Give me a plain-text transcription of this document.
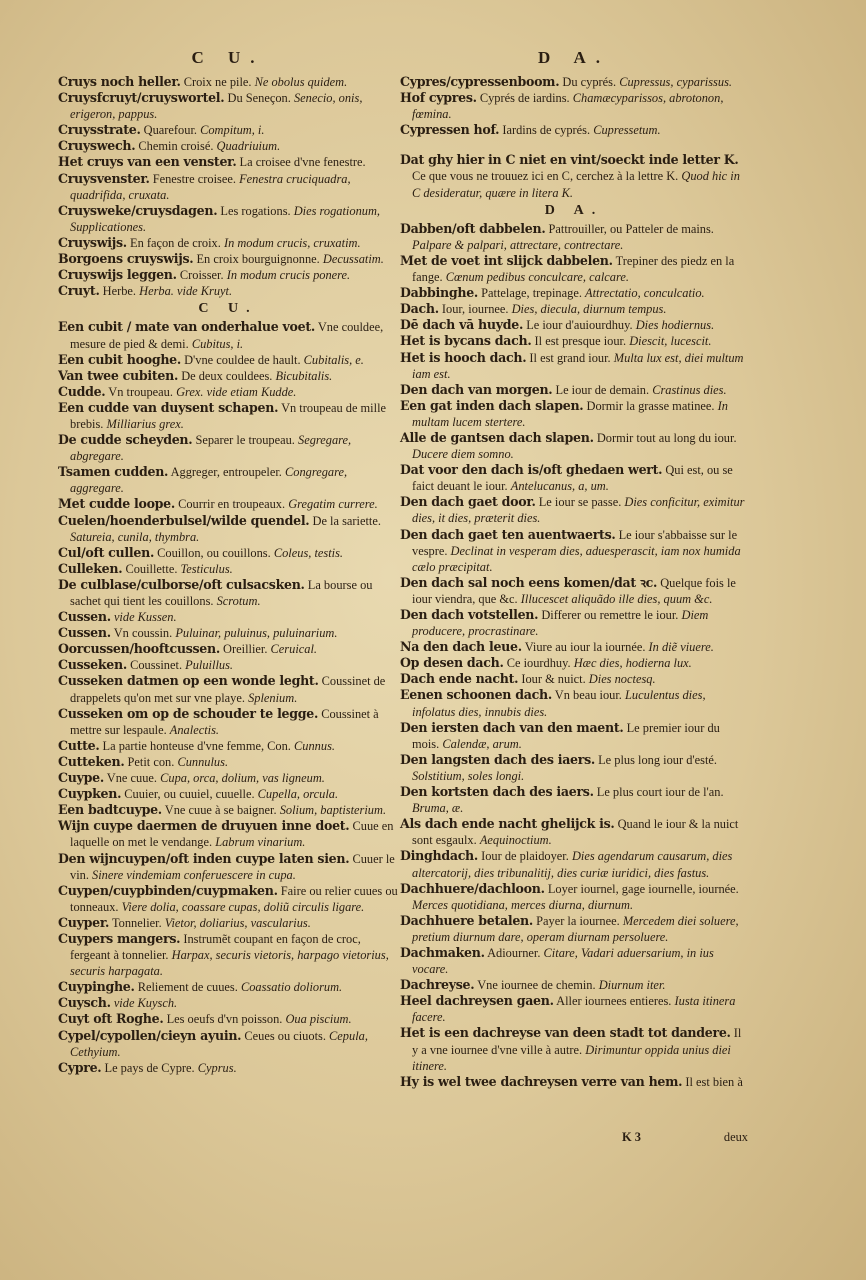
C U.

Cruys noch heller. Croix ne pile. Ne obolus quidem.

Cruysfcruyt/cruyswortel. Du Seneçon. Senecio, onis, erigeron, pappus.

Cruysstrate. Quarefour. Compitum, i.

Cruyswech. Chemin croisé. Quadriuium.

Het cruys van een venster. La croisee d'vne fenestre.

Cruysvenster. Fenestre croisee. Fenestra cruciquadra, quadrifida, cruxata.

Cruysweke/cruysdagen. Les rogations. Dies rogationum, Supplicationes.

Cruyswijs. En façon de croix. In modum crucis, cruxatim.

Borgoens cruyswijs. En croix bourguignonne. Decussatim.

Cruyswijs leggen. Croisser. In modum crucis ponere.

Cruyt. Herbe. Herba. vide Kruyt.

C U.

Een cubit / mate van onderhalue voet. Vne couldee, mesure de pied & demi. Cubitus, i.

Een cubit hooghe. D'vne couldee de hault. Cubitalis, e.

Van twee cubiten. De deux couldees. Bicubitalis.

Cudde. Vn troupeau. Grex. vide etiam Kudde.

Een cudde van duysent schapen. Vn troupeau de mille brebis. Milliarius grex.

De cudde scheyden. Separer le troupeau. Segregare, abgregare.

Tsamen cudden. Aggreger, entroupeler. Congregare, aggregare.

Met cudde loope. Courrir en troupeaux. Gregatim currere.

Cuelen/hoenderbulsel/wilde quendel. De la sariette. Satureia, cunila, thymbra.

Cul/oft cullen. Couillon, ou couillons. Coleus, testis.

Culleken. Couillette. Testiculus.

De culblase/culborse/oft culsacsken. La bourse ou sachet qui tient les couillons. Scrotum.

Cussen. vide Kussen.

Cussen. Vn coussin. Puluinar, puluinus, puluinarium.

Oorcussen/hooftcussen. Oreillier. Ceruical.

Cusseken. Coussinet. Puluillus.

Cusseken datmen op een wonde leght. Coussinet de drappelets qu'on met sur vne playe. Splenium.

Cusseken om op de schouder te legge. Coussinet à mettre sur lespaule. Analectis.

Cutte. La partie honteuse d'vne femme, Con. Cunnus.

Cutteken. Petit con. Cunnulus.

Cuype. Vne cuue. Cupa, orca, dolium, vas ligneum.

Cuypken. Cuuier, ou cuuiel, cuuelle. Cupella, orcula.

Een badtcuype. Vne cuue à se baigner. Solium, baptisterium.

Wijn cuype daermen de druyuen inne doet. Cuue en laquelle on met le vendange. Labrum vinarium.

Den wijncuypen/oft inden cuype laten sien. Cuuer le vin. Sinere vindemiam conferuescere in cupa.

Cuypen/cuypbinden/cuypmaken. Faire ou relier cuues ou tonneaux. Viere dolia, coassare cupas, doliũ circulis ligare.

Cuyper. Tonnelier. Vietor, doliarius, vascularius.

Cuypers mangers. Instrumẽt coupant en façon de croc, fergeant à tonnelier. Harpax, securis vietoris, harpago vietorius, securis harpagata.

Cuypinghe. Reliement de cuues. Coassatio doliorum.

Cuysch. vide Kuysch.

Cuyt oft Roghe. Les oeufs d'vn poisson. Oua piscium.

Cypel/cypollen/cieyn ayuin. Ceues ou ciuots. Cepula, Cethyium.

Cypre. Le pays de Cypre. Cyprus.

D A.

Cypres/cypressenboom. Du cyprés. Cupressus, cyparissus.

Hof cypres. Cyprés de iardins. Chamæcyparissos, abrotonon, fœmina.

Cypressen hof. Iardins de cyprés. Cupressetum.

Dat ghy hier in C niet en vint/soeckt inde letter K. Ce que vous ne trouuez ici en C, cerchez à la lettre K. Quod hic in C desideratur, quære in litera K.

D A.

Dabben/oft dabbelen. Pattrouiller, ou Patteler de mains. Palpare & palpari, attrectare, contrectare.

Met de voet int slijck dabbelen. Trepiner des piedz en la fange. Cœnum pedibus conculcare, calcare.

Dabbinghe. Pattelage, trepinage. Attrectatio, conculcatio.

Dach. Iour, iournee. Dies, diecula, diurnum tempus.

Dē dach vā huyde. Le iour d'auiourdhuy. Dies hodiernus.

Het is bycans dach. Il est presque iour. Diescit, lucescit.

Het is hooch dach. Il est grand iour. Multa lux est, diei multum iam est.

Den dach van morgen. Le iour de demain. Crastinus dies.

Een gat inden dach slapen. Dormir la grasse matinee. In multam lucem stertere.

Alle de gantsen dach slapen. Dormir tout au long du iour. Ducere diem somno.

Dat voor den dach is/oft ghedaen wert. Qui est, ou se faict deuant le iour. Antelucanus, a, um.

Den dach gaet door. Le iour se passe. Dies conficitur, eximitur dies, it dies, præterit dies.

Den dach gaet ten auentwaerts. Le iour s'abbaisse sur le vespre. Declinat in vesperam dies, aduesperascit, iam nox humida cælo præcipitat.

Den dach sal noch eens komen/dat ꝛc. Quelque fois le iour viendra, que &c. Illucescet aliquãdo ille dies, quum &c.

Den dach votstellen. Differer ou remettre le iour. Diem producere, procrastinare.

Na den dach leue. Viure au iour la iournée. In diẽ viuere.

Op desen dach. Ce iourdhuy. Hæc dies, hodierna lux.

Dach ende nacht. Iour & nuict. Dies noctesq.

Eenen schoonen dach. Vn beau iour. Luculentus dies, infolatus dies, innubis dies.

Den iersten dach van den maent. Le premier iour du mois. Calendæ, arum.

Den langsten dach des iaers. Le plus long iour d'esté. Solstitium, soles longi.

Den kortsten dach des iaers. Le plus court iour de l'an. Bruma, æ.

Als dach ende nacht ghelijck is. Quand le iour & la nuict sont esgaulx. Aequinoctium.

Dinghdach. Iour de plaidoyer. Dies agendarum causarum, dies altercatorij, dies tribunalitij, dies curiæ iuridici, dies fastus.

Dachhuere/dachloon. Loyer iournel, gage iournelle, iournée. Merces quotidiana, merces diurna, diurnum.

Dachhuere betalen. Payer la iournee. Mercedem diei soluere, pretium diurnum dare, operam diurnam persoluere.

Dachmaken. Adiourner. Citare, Vadari aduersarium, in ius vocare.

Dachreyse. Vne iournee de chemin. Diurnum iter.

Heel dachreysen gaen. Aller iournees entieres. Iusta itinera facere.

Het is een dachreyse van deen stadt tot dandere. Il y a vne iournee d'vne ville à autre. Dirimuntur oppida unius diei itinere.

Hy is wel twee dachreysen verre van hem. Il est bien à

K 3	deux
